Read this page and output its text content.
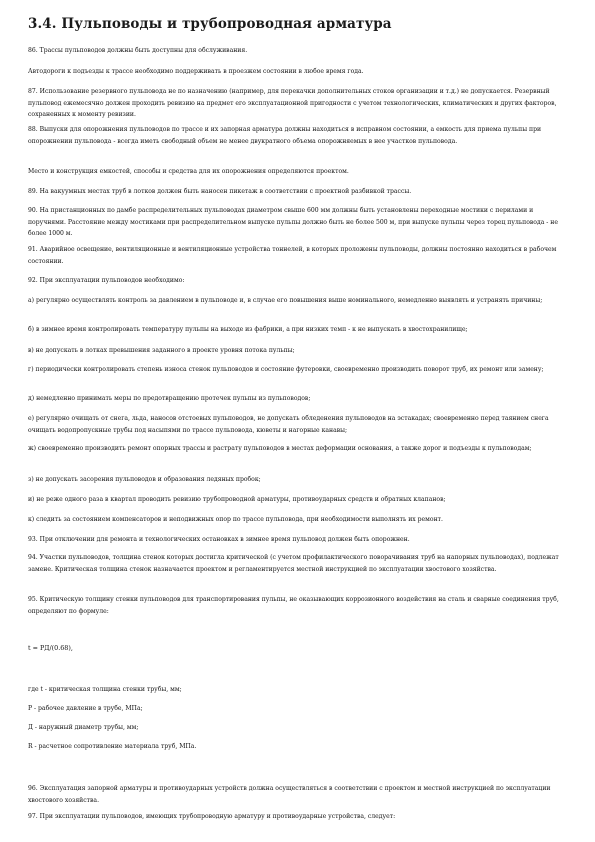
3.4. Пульповоды и трубопроводная арматура

86. Трассы пульповодов должны быть доступны для обслуживания.

Автодороги к подъезды к трассе необходимо поддерживать в проезжем состоянии в любое время года.

87. Использование резервного пульповода не по назначению (например, для перекачки дополнительных стоков организации и т.д.) не допускается. Резервный пульповод ежемесячно должен проходить ревизию на предмет его эксплуатационной пригодности с учетом технологических, климатических и других факторов, сохраненных к моменту ревизии.

88. Выпуски для опорожнения пульповодов по трассе и их запорная арматура должны находиться в исправном состоянии, а емкость для приема пульпы при опорожнении пульповода - всегда иметь свободный объем не менее двукратного объема опорожняемых в нее участков пульповода.

Место и конструкция емкостей, способы и средства для их опорожнения определяются проектом.

89. На вакуумных местах труб в лотков должен быть наносен пикетаж в соответствии с проектной разбивкой трассы.

90. На пристанционных по дамбе распределительных пульповодах диаметром свыше 600 мм должны быть установлены переходные мостики с перилами и поручнями. Расстояние между мостиками при распределительном выпуске пульпы должно быть не более 500 м, при выпуске пульпы через торец пульповода - не более 1000 м.

91. Аварийное освещение, вентиляционные и вентиляционные устройства тоннелей, в которых проложены пульповоды, должны постоянно находиться в рабочем состоянии.

92. При эксплуатации пульповодов необходимо:

а) регулярно осуществлять контроль за давлением в пульповоде и, в случае его повышения выше номинального, немедленно выявлять и устранять причины;

б) в зимнее время контролировать температуру пульпы на выходе из фабрики, а при низких темп - к не выпускать в хвостохранилище;

в) не допускать в лотках превышения заданного в проекте уровня потока пульпы;

г) периодически контролировать степень износа стенок пульповодов и состояние футеровки, своевременно производить поворот труб, их ремонт или замену;

д) немедленно принимать меры по предотвращению протечек пульпы из пульповодов;

е) регулярно очищать от снега, льда, наносов отстоевых пульповодов, не допускать обледенения пульповодов на эстакадах; своевременно перед таянием снега очищать водопропускные трубы под насыпями по трассе пульповода, кюветы и нагорные канавы;

ж) своевременно производить ремонт опорных трассы и растрату пульповодов в местах деформации основания, а также дорог и подъезды к пульповодам;

з) не допускать засорения пульповодов и образования ледяных пробок;

и) не реже одного раза в квартал проводить ревизию трубопроводной арматуры, противоударных средств и обратных клапанов;

к) следить за состоянием компенсаторов и неподвижных опор по трассе пульповода, при необходимости выполнять их ремонт.

93. При отключении для ремонта и технологических остановках в зимнее время пульповод должен быть опорожнен.

94. Участки пульповодов, толщина стенок которых достигла критической (с учетом профилактического поворачивания труб на напорных пульповодах), подлежат замене. Критическая толщина стенок назначается проектом и регламентируется местной инструкцией по эксплуатации хвостового хозяйства.

95. Критическую толщину стенки пульповодов для транспортирования пульпы, не оказывающих коррозионного воздействия на сталь и сварные соединения труб, определяют по формуле:

t = PД/(0.68),

где t - критическая толщина стенки трубы, мм;

P - рабочее давление в трубе, МПа;

Д - наружный диаметр трубы, мм;

R - расчетное сопротивление материала труб, МПа.

96. Эксплуатация запорной арматуры и противоударных устройств должна осуществляться в соответствии с проектом и местной инструкцией по эксплуатации хвостового хозяйства.

97. При эксплуатации пульповодов, имеющих трубопроводную арматуру и противоударные устройства, следует:
